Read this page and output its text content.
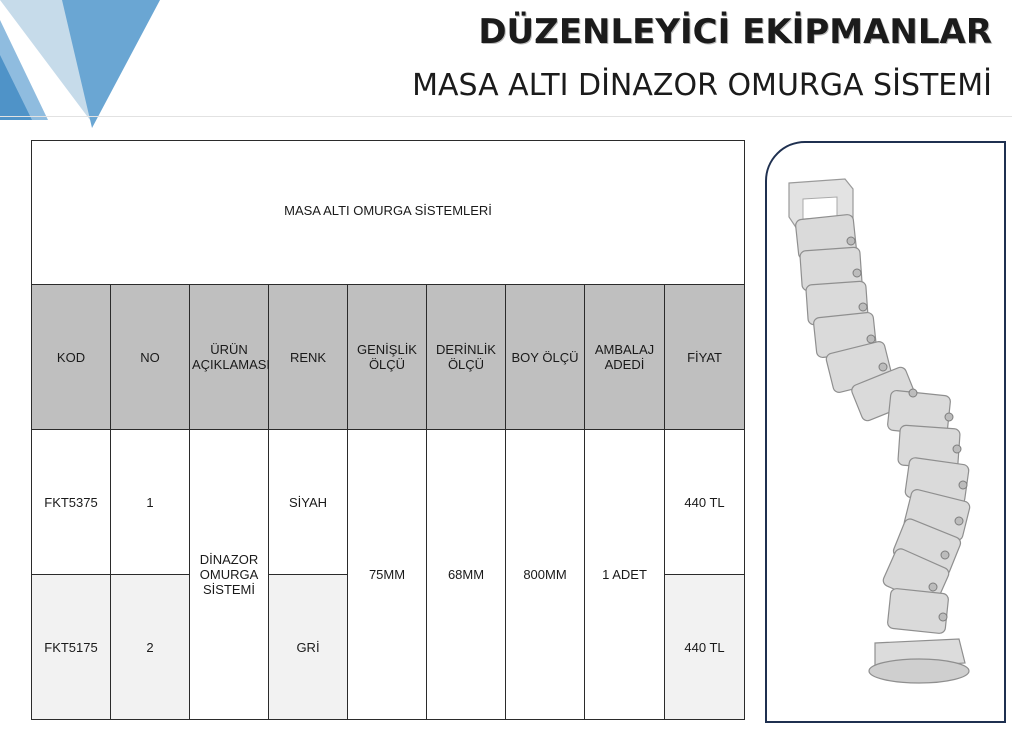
DÜZENLEYİCİ EKİPMANLAR
MASA ALTI DİNAZOR OMURGA SİSTEMİ
MASA ALTI OMURGA SİSTEMLERİ								
KOD	NO	ÜRÜN AÇIKLAMASI	RENK	GENİŞLİK ÖLÇÜ	DERİNLİK ÖLÇÜ	BOY ÖLÇÜ	AMBALAJ ADEDİ	FİYAT
FKT5375	1	DİNAZOR OMURGA SİSTEMİ	SİYAH	75MM	68MM	800MM	1 ADET	440 TL
FKT5175	2		GRİ					440 TL
